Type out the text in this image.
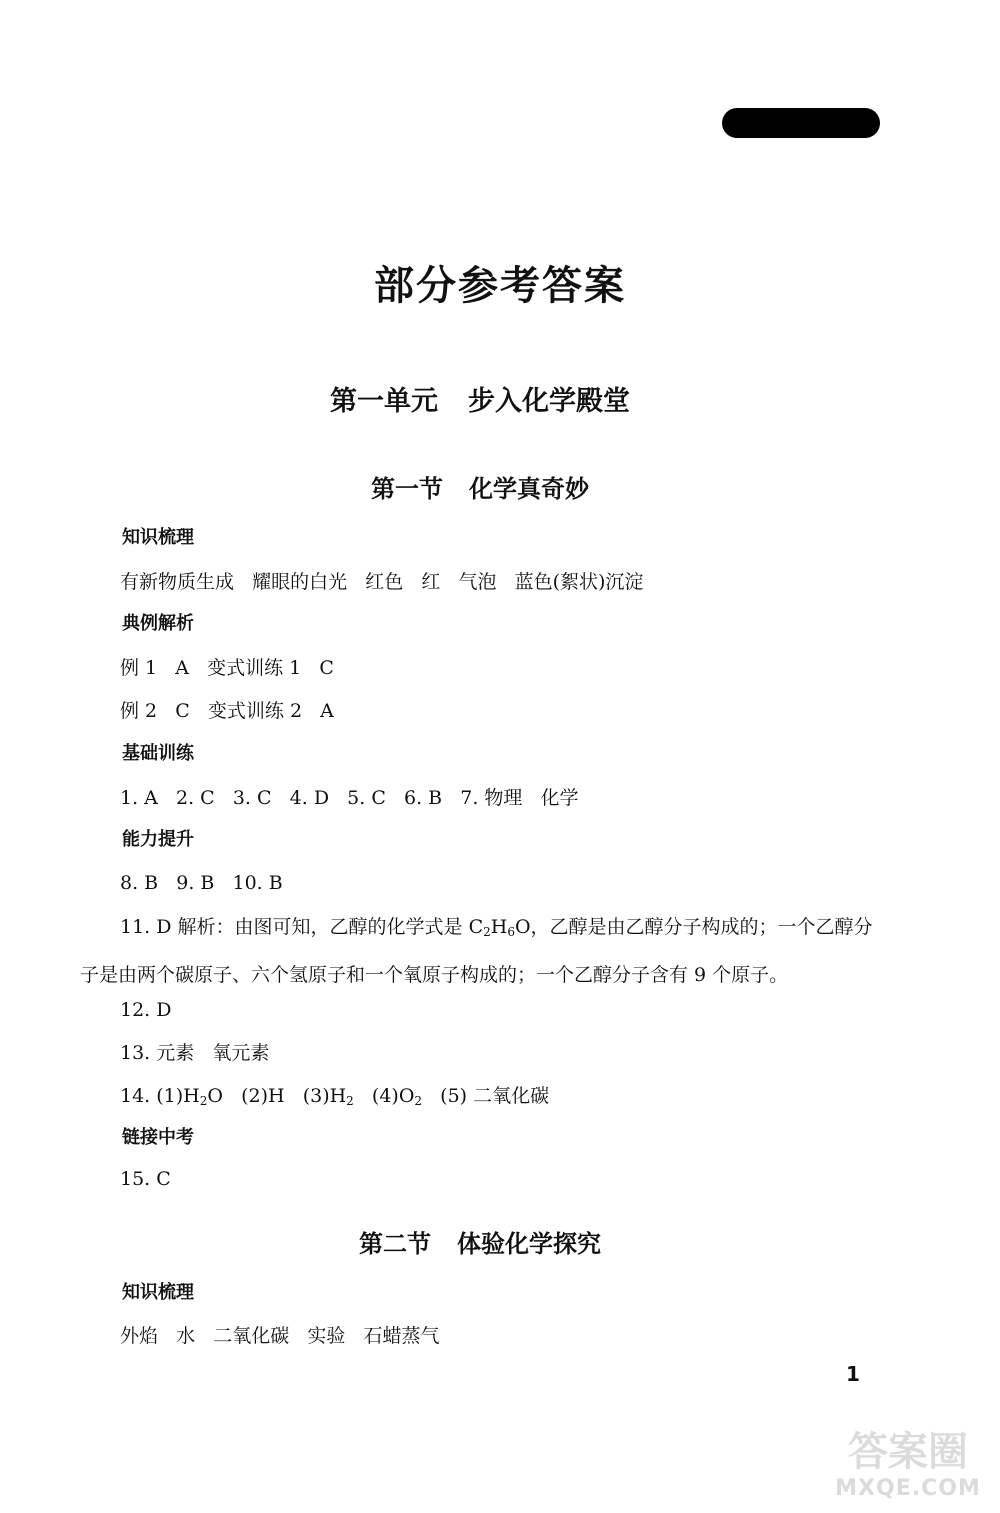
部分参考答案
第一单元 步入化学殿堂
第一节 化学真奇妙

知识梳理

有新物质生成   耀眼的白光   红色   红   气泡   蓝色(絮状)沉淀

典例解析

例 1   A   变式训练 1   C

例 2   C   变式训练 2   A

基础训练

1. A   2. C   3. C   4. D   5. C   6. B   7. 物理   化学

能力提升

8. B   9. B   10. B

11. D 解析：由图可知，乙醇的化学式是 $C_2H_6O$，乙醇是由乙醇分子构成的；一个乙醇分子是由两个碳原子、六个氢原子和一个氧原子构成的；一个乙醇分子含有 9 个原子。

12. D

13. 元素   氧元素

14. $(1)H_2O$   (2)H   $(3)H_2$   $(4)O_2$   (5) 二氧化碳

链接中考

15. C

第二节 体验化学探究

知识梳理

外焰   水   二氧化碳   实验   石蜡蒸气

1
答案圈
MXQE.COM
